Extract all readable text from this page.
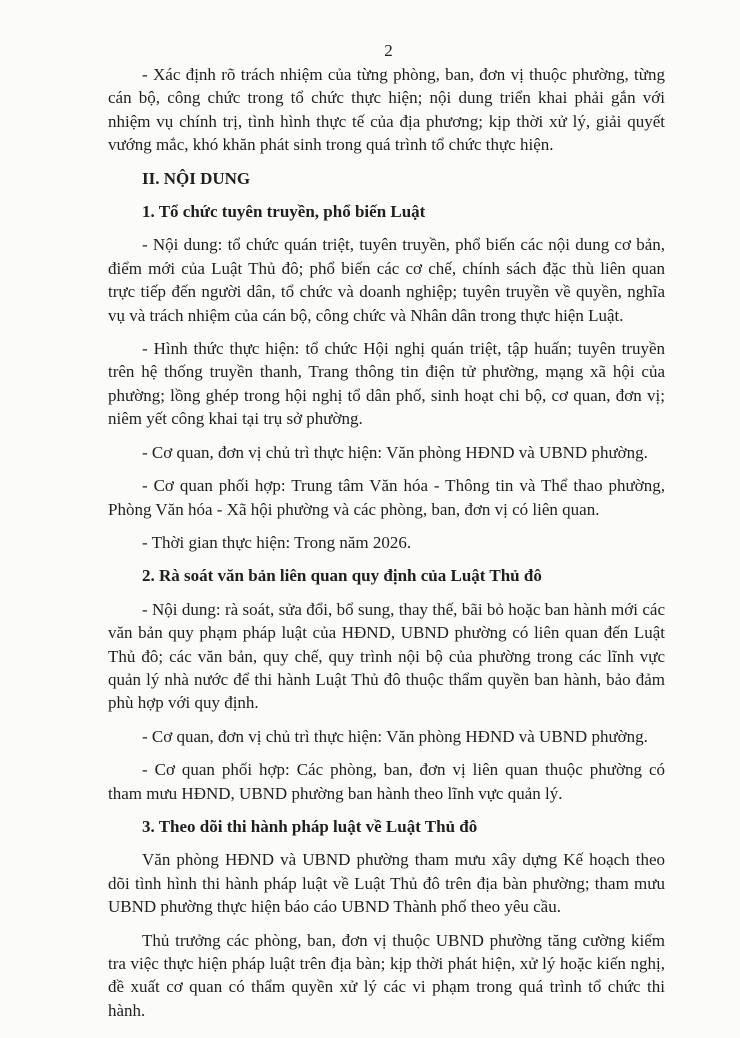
2

- Xác định rõ trách nhiệm của từng phòng, ban, đơn vị thuộc phường, từng cán bộ, công chức trong tổ chức thực hiện; nội dung triển khai phải gắn với nhiệm vụ chính trị, tình hình thực tế của địa phương; kịp thời xử lý, giải quyết vướng mắc, khó khăn phát sinh trong quá trình tổ chức thực hiện.

II. NỘI DUNG

1. Tổ chức tuyên truyền, phổ biến Luật

- Nội dung: tổ chức quán triệt, tuyên truyền, phổ biến các nội dung cơ bản, điểm mới của Luật Thủ đô; phổ biến các cơ chế, chính sách đặc thù liên quan trực tiếp đến người dân, tổ chức và doanh nghiệp; tuyên truyền về quyền, nghĩa vụ và trách nhiệm của cán bộ, công chức và Nhân dân trong thực hiện Luật.

- Hình thức thực hiện: tổ chức Hội nghị quán triệt, tập huấn; tuyên truyền trên hệ thống truyền thanh, Trang thông tin điện tử phường, mạng xã hội của phường; lồng ghép trong hội nghị tổ dân phố, sinh hoạt chi bộ, cơ quan, đơn vị; niêm yết công khai tại trụ sở phường.

- Cơ quan, đơn vị chủ trì thực hiện: Văn phòng HĐND và UBND phường.

- Cơ quan phối hợp: Trung tâm Văn hóa - Thông tin và Thể thao phường, Phòng Văn hóa - Xã hội phường và các phòng, ban, đơn vị có liên quan.

- Thời gian thực hiện: Trong năm 2026.

2. Rà soát văn bản liên quan quy định của Luật Thủ đô

- Nội dung: rà soát, sửa đổi, bổ sung, thay thế, bãi bỏ hoặc ban hành mới các văn bản quy phạm pháp luật của HĐND, UBND phường có liên quan đến Luật Thủ đô; các văn bản, quy chế, quy trình nội bộ của phường trong các lĩnh vực quản lý nhà nước để thi hành Luật Thủ đô thuộc thẩm quyền ban hành, bảo đảm phù hợp với quy định.

- Cơ quan, đơn vị chủ trì thực hiện: Văn phòng HĐND và UBND phường.

- Cơ quan phối hợp: Các phòng, ban, đơn vị liên quan thuộc phường có tham mưu HĐND, UBND phường ban hành theo lĩnh vực quản lý.

3. Theo dõi thi hành pháp luật về Luật Thủ đô

Văn phòng HĐND và UBND phường tham mưu xây dựng Kế hoạch theo dõi tình hình thi hành pháp luật về Luật Thủ đô trên địa bàn phường; tham mưu UBND phường thực hiện báo cáo UBND Thành phố theo yêu cầu.

Thủ trưởng các phòng, ban, đơn vị thuộc UBND phường tăng cường kiểm tra việc thực hiện pháp luật trên địa bàn; kịp thời phát hiện, xử lý hoặc kiến nghị, đề xuất cơ quan có thẩm quyền xử lý các vi phạm trong quá trình tổ chức thi hành.
